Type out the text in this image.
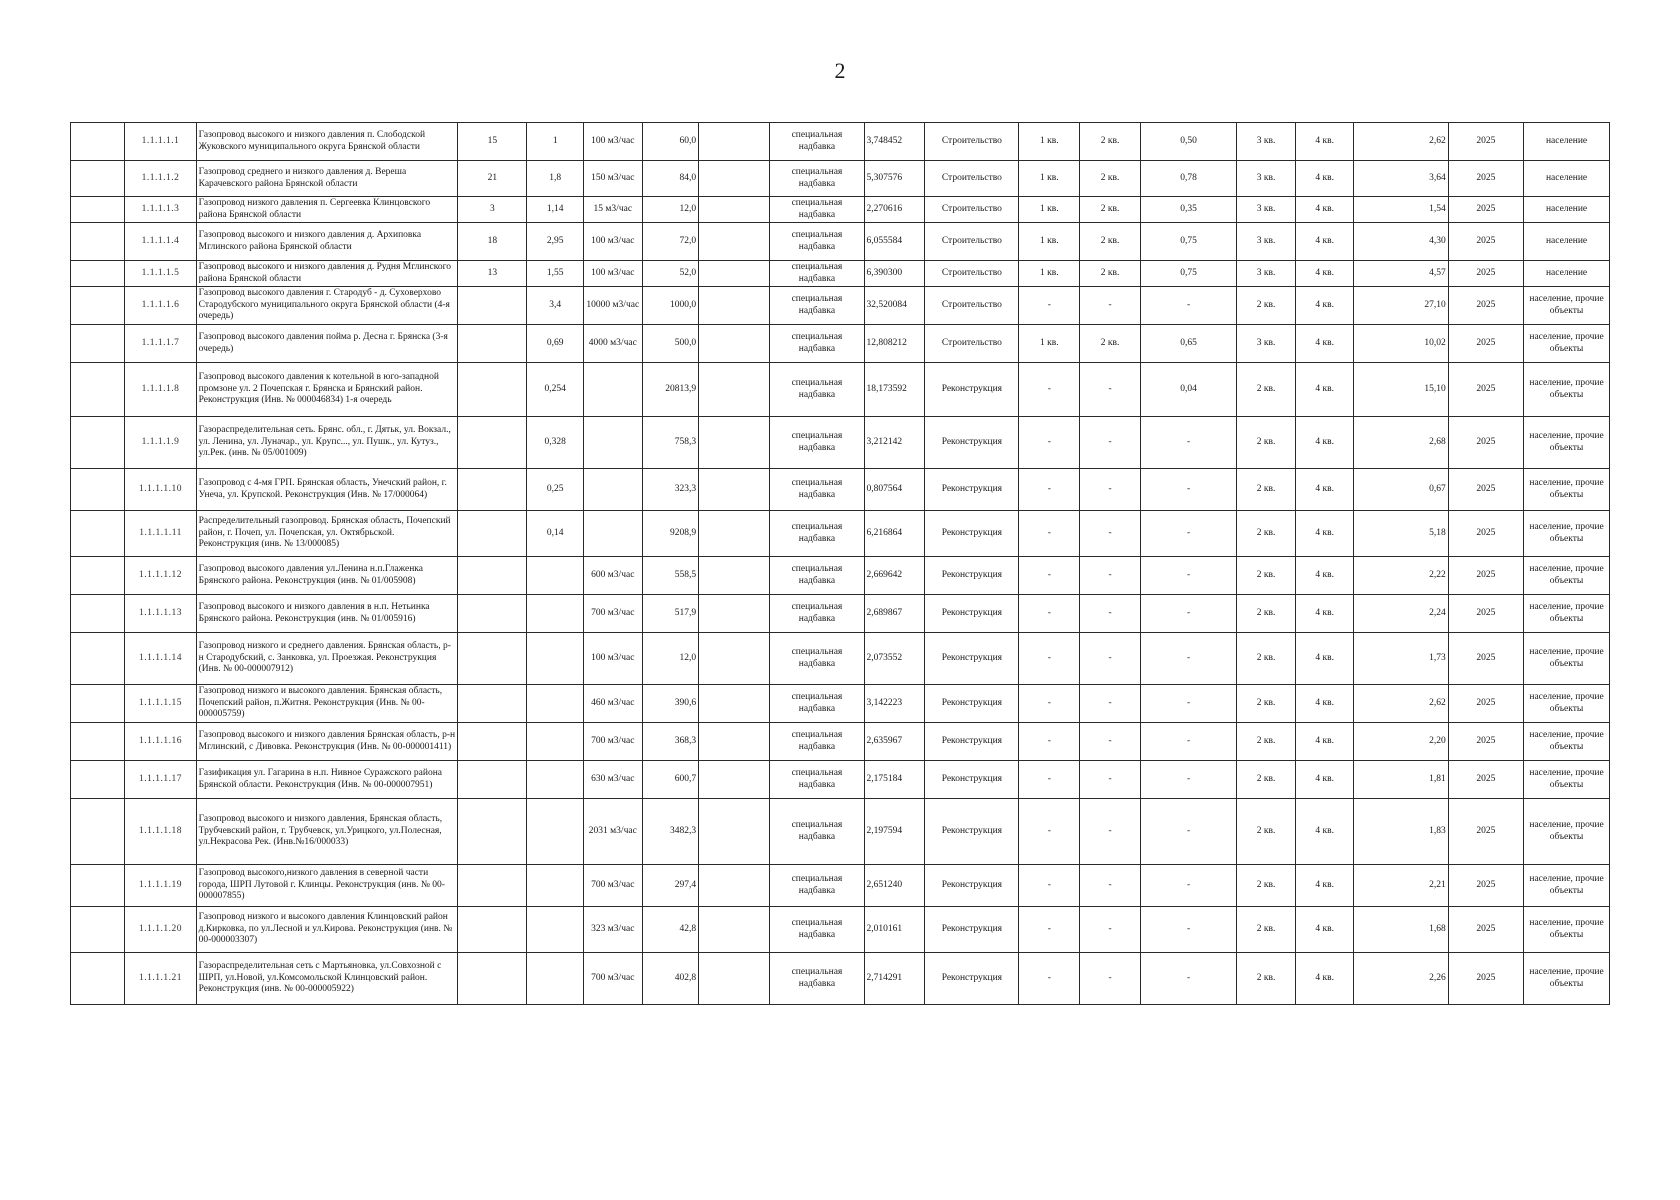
2
	1.1.1.1.1	Газопровод высокого и низкого давления п. Слободской Жуковского муниципального округа Брянской области	15	1	100 м3/час	60,0		специальная надбавка	3,748452	Строительство	1 кв.	2 кв.	0,50	3 кв.	4 кв.	2,62	2025	население
	1.1.1.1.2	Газопровод среднего и низкого давления д. Вереша Карачевского района Брянской области	21	1,8	150 м3/час	84,0		специальная надбавка	5,307576	Строительство	1 кв.	2 кв.	0,78	3 кв.	4 кв.	3,64	2025	население
	1.1.1.1.3	Газопровод низкого давления п. Сергеевка Клинцовского района Брянской области	3	1,14	15 м3/час	12,0		специальная надбавка	2,270616	Строительство	1 кв.	2 кв.	0,35	3 кв.	4 кв.	1,54	2025	население
	1.1.1.1.4	Газопровод высокого и низкого давления д. Архиповка Мглинского района Брянской области	18	2,95	100 м3/час	72,0		специальная надбавка	6,055584	Строительство	1 кв.	2 кв.	0,75	3 кв.	4 кв.	4,30	2025	население
	1.1.1.1.5	Газопровод высокого и низкого давления д. Рудня Мглинского района Брянской области	13	1,55	100 м3/час	52,0		специальная надбавка	6,390300	Строительство	1 кв.	2 кв.	0,75	3 кв.	4 кв.	4,57	2025	население
	1.1.1.1.6	Газопровод высокого давления г. Стародуб - д. Суховерхово Стародубского муниципального округа Брянской области (4-я очередь)		3,4	10000 м3/час	1000,0		специальная надбавка	32,520084	Строительство	-	-	-	2 кв.	4 кв.	27,10	2025	население, прочие объекты
	1.1.1.1.7	Газопровод высокого давления пойма р. Десна г. Брянска (3-я очередь)		0,69	4000 м3/час	500,0		специальная надбавка	12,808212	Строительство	1 кв.	2 кв.	0,65	3 кв.	4 кв.	10,02	2025	население, прочие объекты
	1.1.1.1.8	Газопровод высокого давления к котельной в юго-западной промзоне ул. 2 Почепская г. Брянска и Брянский район. Реконструкция (Инв. № 000046834) 1-я очередь		0,254		20813,9		специальная надбавка	18,173592	Реконструкция	-	-	0,04	2 кв.	4 кв.	15,10	2025	население, прочие объекты
	1.1.1.1.9	Газораспределительная сеть. Брянс. обл., г. Дятьк, ул. Вокзал., ул. Ленина, ул. Луначар., ул. Крупс..., ул. Пушк., ул. Кутуз., ул.Рек. (инв. № 05/001009)		0,328		758,3		специальная надбавка	3,212142	Реконструкция	-	-	-	2 кв.	4 кв.	2,68	2025	население, прочие объекты
	1.1.1.1.10	Газопровод с 4-мя ГРП. Брянская область, Унечский район, г. Унеча, ул. Крупской. Реконструкция (Инв. № 17/000064)		0,25		323,3		специальная надбавка	0,807564	Реконструкция	-	-	-	2 кв.	4 кв.	0,67	2025	население, прочие объекты
	1.1.1.1.11	Распределительный газопровод. Брянская область, Почепский район, г. Почеп, ул. Почепская, ул. Октябрьской. Реконструкция (инв. № 13/000085)		0,14		9208,9		специальная надбавка	6,216864	Реконструкция	-	-	-	2 кв.	4 кв.	5,18	2025	население, прочие объекты
	1.1.1.1.12	Газопровод высокого давления ул.Ленина н.п.Глаженка Брянского района. Реконструкция (инв. № 01/005908)			600 м3/час	558,5		специальная надбавка	2,669642	Реконструкция	-	-	-	2 кв.	4 кв.	2,22	2025	население, прочие объекты
	1.1.1.1.13	Газопровод высокого и низкого давления в н.п. Нетьинка Брянского района. Реконструкция (инв. № 01/005916)			700 м3/час	517,9		специальная надбавка	2,689867	Реконструкция	-	-	-	2 кв.	4 кв.	2,24	2025	население, прочие объекты
	1.1.1.1.14	Газопровод низкого и среднего давления. Брянская область, р-н Стародубский, с. Занковка, ул. Проезжая. Реконструкция (Инв. № 00-000007912)			100 м3/час	12,0		специальная надбавка	2,073552	Реконструкция	-	-	-	2 кв.	4 кв.	1,73	2025	население, прочие объекты
	1.1.1.1.15	Газопровод низкого и высокого давления. Брянская область, Почепский район, п.Житня. Реконструкция (Инв. № 00-000005759)			460 м3/час	390,6		специальная надбавка	3,142223	Реконструкция	-	-	-	2 кв.	4 кв.	2,62	2025	население, прочие объекты
	1.1.1.1.16	Газопровод высокого и низкого давления Брянская область, р-н Мглинский, с Дивовка. Реконструкция (Инв. № 00-000001411)			700 м3/час	368,3		специальная надбавка	2,635967	Реконструкция	-	-	-	2 кв.	4 кв.	2,20	2025	население, прочие объекты
	1.1.1.1.17	Газификация ул. Гагарина в н.п. Нивное Суражского района Брянской области. Реконструкция (Инв. № 00-000007951)			630 м3/час	600,7		специальная надбавка	2,175184	Реконструкция	-	-	-	2 кв.	4 кв.	1,81	2025	население, прочие объекты
	1.1.1.1.18	Газопровод высокого и низкого давления, Брянская область, Трубчевский район, г. Трубчевск, ул.Урицкого, ул.Полесная, ул.Некрасова Рек. (Инв.№16/000033)			2031 м3/час	3482,3		специальная надбавка	2,197594	Реконструкция	-	-	-	2 кв.	4 кв.	1,83	2025	население, прочие объекты
	1.1.1.1.19	Газопровод высокого,низкого давления в северной части города, ШРП Лутовой г. Клинцы. Реконструкция (инв. № 00-000007855)			700 м3/час	297,4		специальная надбавка	2,651240	Реконструкция	-	-	-	2 кв.	4 кв.	2,21	2025	население, прочие объекты
	1.1.1.1.20	Газопровод низкого и высокого давления Клинцовский район д.Кирковка, по ул.Лесной и ул.Кирова. Реконструкция (инв. № 00-000003307)			323 м3/час	42,8		специальная надбавка	2,010161	Реконструкция	-	-	-	2 кв.	4 кв.	1,68	2025	население, прочие объекты
	1.1.1.1.21	Газораспределительная сеть с Мартьяновка, ул.Совхозной с ШРП, ул.Новой, ул.Комсомольской Клинцовский район. Реконструкция (инв. № 00-000005922)			700 м3/час	402,8		специальная надбавка	2,714291	Реконструкция	-	-	-	2 кв.	4 кв.	2,26	2025	население, прочие объекты
